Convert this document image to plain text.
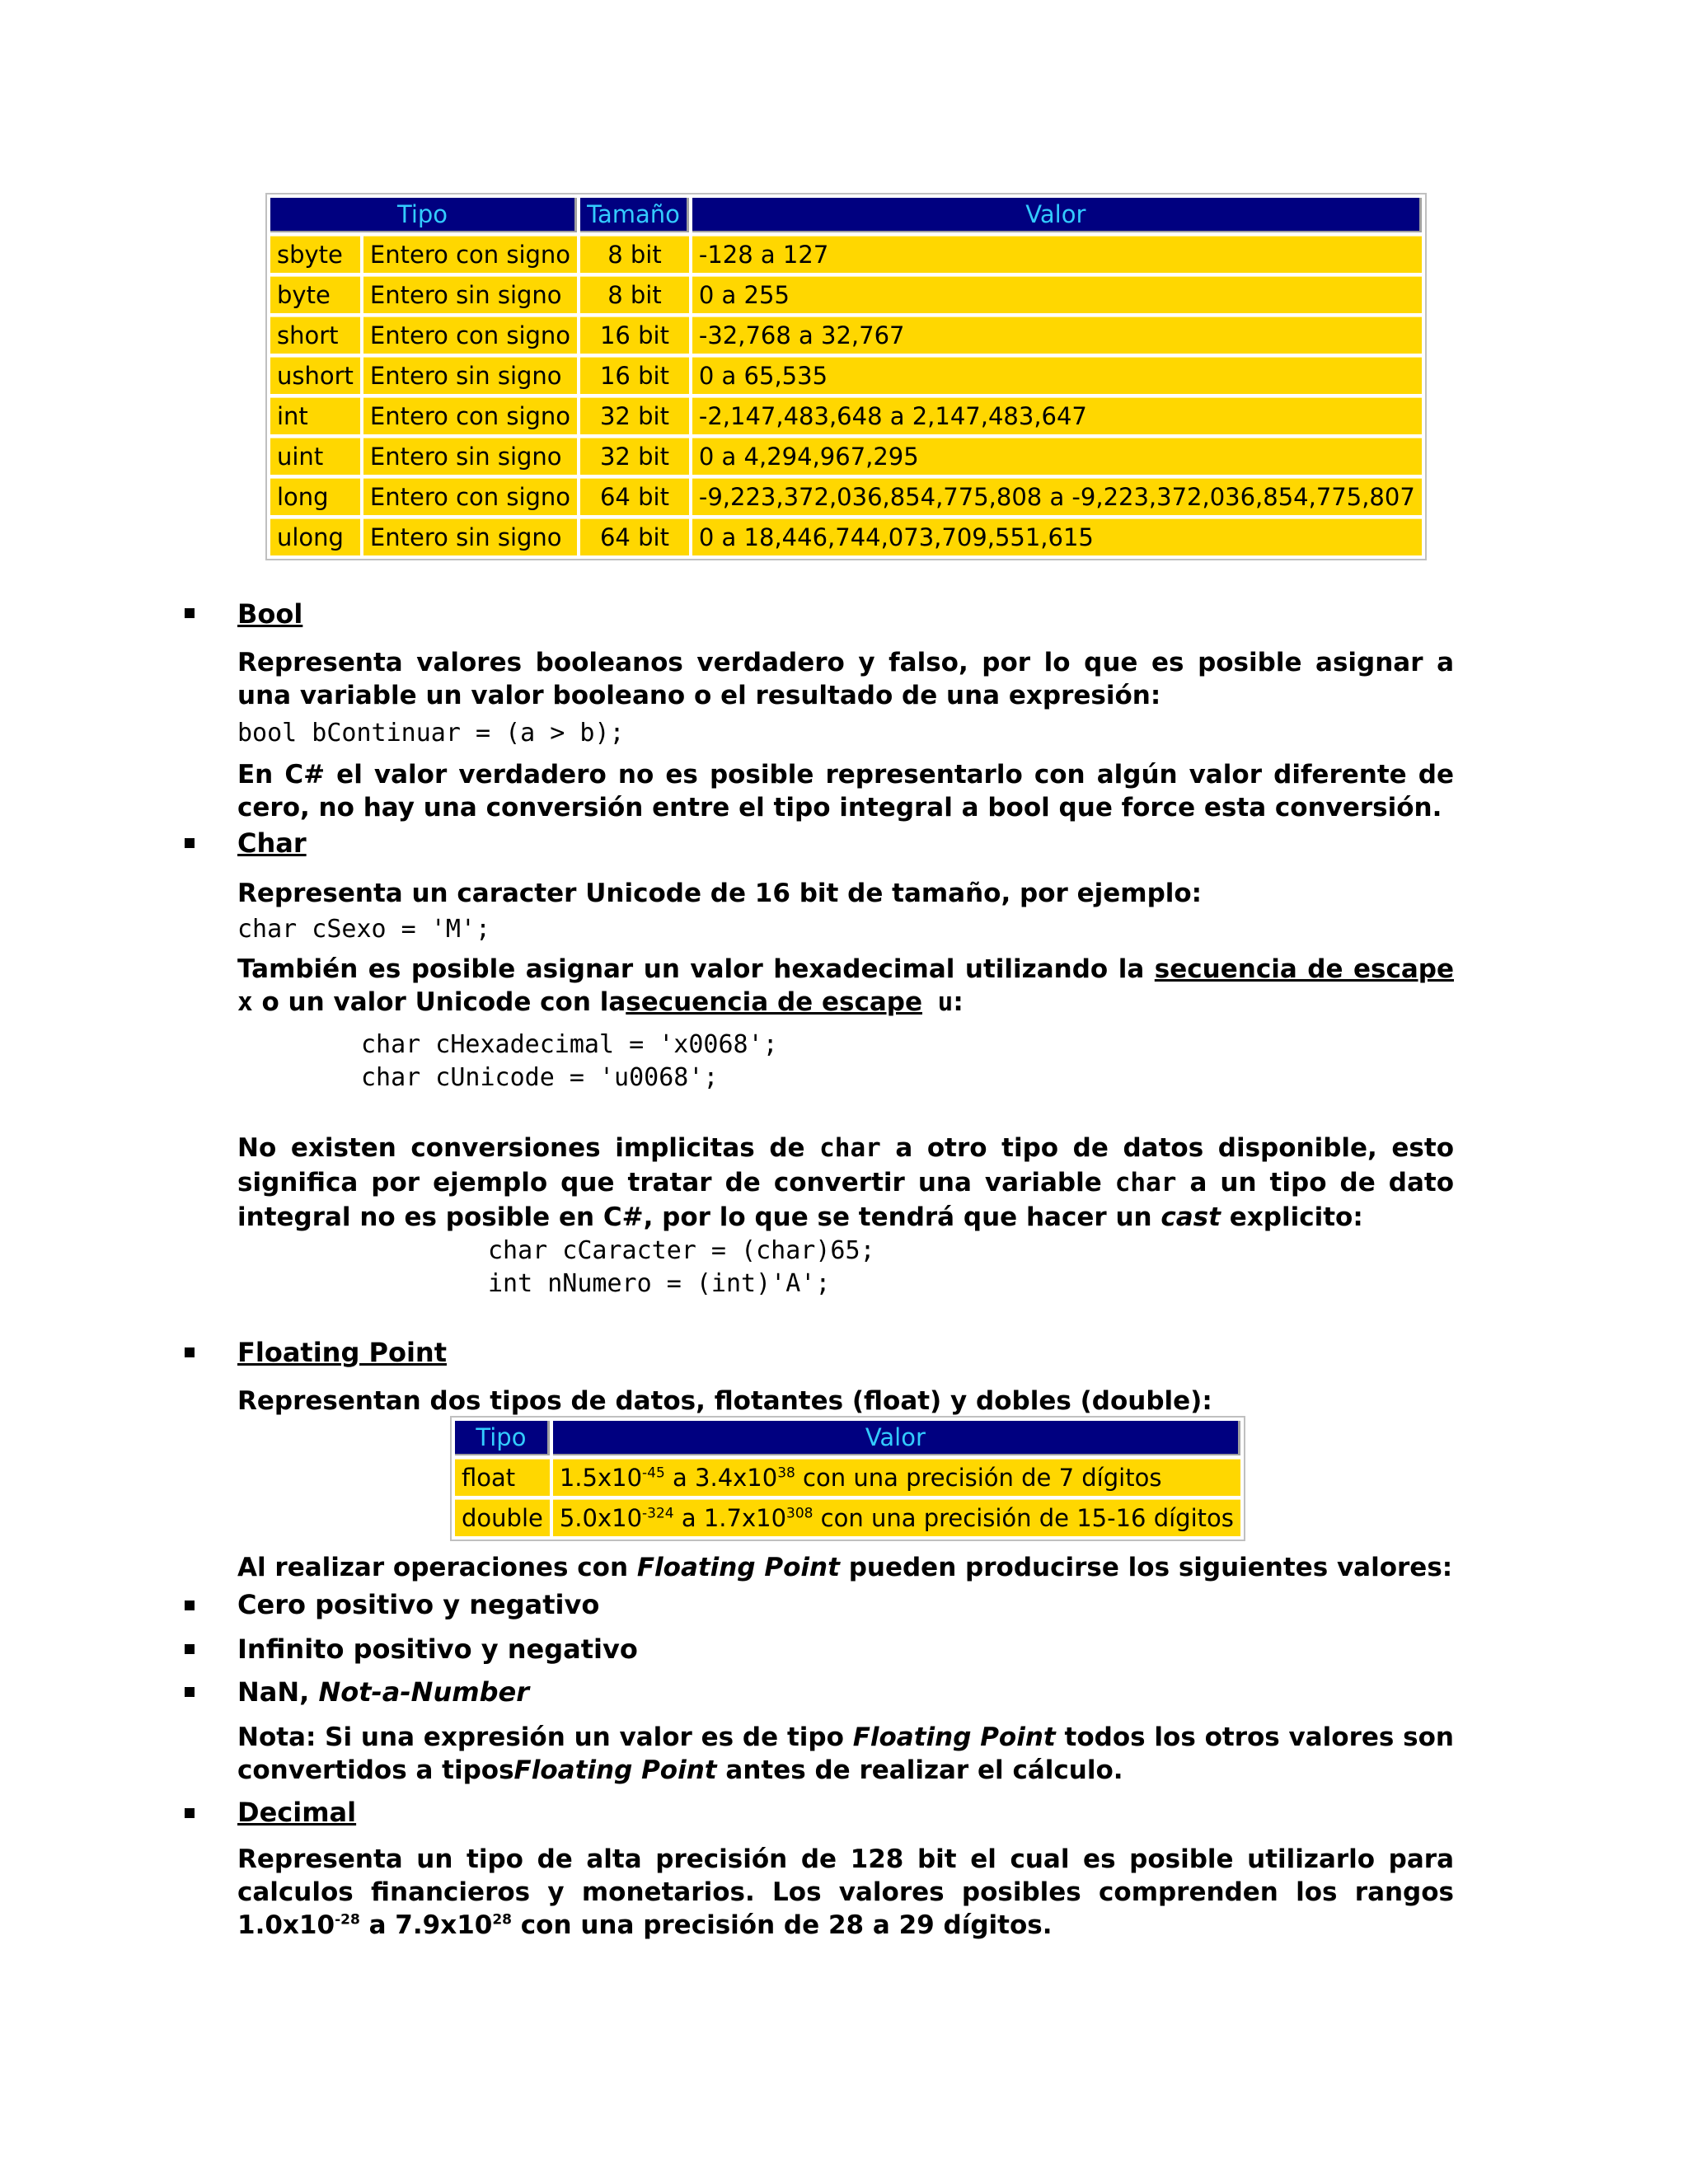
Tipo		Tamaño	Valor
sbyte	Entero con signo	8 bit	-128 a 127
byte	Entero sin signo	8 bit	0 a 255
short	Entero con signo	16 bit	-32,768 a 32,767
ushort	Entero sin signo	16 bit	0 a 65,535
int	Entero con signo	32 bit	-2,147,483,648 a 2,147,483,647
uint	Entero sin signo	32 bit	0 a 4,294,967,295
long	Entero con signo	64 bit	-9,223,372,036,854,775,808 a -9,223,372,036,854,775,807
ulong	Entero sin signo	64 bit	0 a 18,446,744,073,709,551,615
Bool
Representa valores booleanos verdadero y falso, por lo que es posible asignar a una variable un valor booleano o el resultado de una expresión:
bool bContinuar = (a > b);
En C# el valor verdadero no es posible representarlo con algún valor diferente de cero, no hay una conversión entre el tipo integral a bool que force esta conversión.
Char
Representa un caracter Unicode de 16 bit de tamaño, por ejemplo:
char cSexo = 'M';
También es posible asignar un valor hexadecimal utilizando la secuencia de escape x o un valor Unicode con lasecuencia de escape u:
char cHexadecimal = 'x0068';
char cUnicode = 'u0068';
No existen conversiones implicitas de char a otro tipo de datos disponible, esto significa por ejemplo que tratar de convertir una variable char a un tipo de dato integral no es posible en C#, por lo que se tendrá que hacer un cast explicito:
char cCaracter = (char)65;
int nNumero = (int)'A';
Floating Point
Representan dos tipos de datos, flotantes (float) y dobles (double):
Tipo	Valor
float	$1.5x10^{-45}$ a $3.4x10^{38}$ con una precisión de 7 dígitos
double	$5.0x10^{-324}$ a $1.7x10^{308}$ con una precisión de 15-16 dígitos
Al realizar operaciones con Floating Point pueden producirse los siguientes valores:
Cero positivo y negativo
Infinito positivo y negativo
NaN, Not-a-Number
Nota: Si una expresión un valor es de tipo Floating Point todos los otros valores son convertidos a tiposFloating Point antes de realizar el cálculo.
Decimal
Representa un tipo de alta precisión de 128 bit el cual es posible utilizarlo para calculos financieros y monetarios. Los valores posibles comprenden los rangos $1.0x10^{-28}$ a $7.9x10^{28}$ con una precisión de 28 a 29 dígitos.
